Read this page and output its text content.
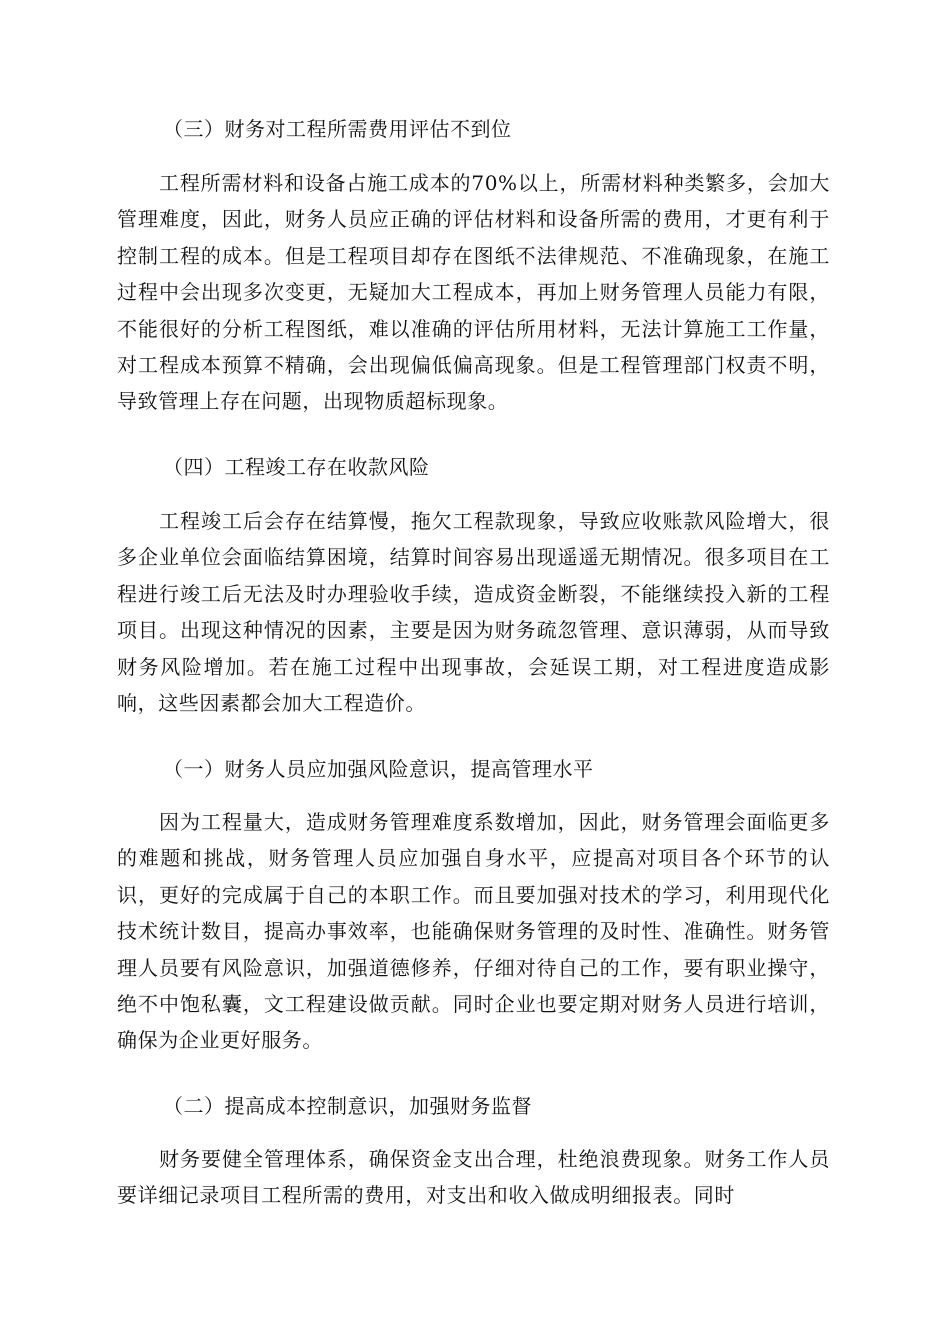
（三）财务对工程所需费用评估不到位
工程所需材料和设备占施工成本的70%以上，所需材料种类繁多，会加大管理难度，因此，财务人员应正确的评估材料和设备所需的费用，才更有利于控制工程的成本。但是工程项目却存在图纸不法律规范、不准确现象，在施工过程中会出现多次变更，无疑加大工程成本，再加上财务管理人员能力有限，不能很好的分析工程图纸，难以准确的评估所用材料，无法计算施工工作量，对工程成本预算不精确，会出现偏低偏高现象。但是工程管理部门权责不明，导致管理上存在问题，出现物质超标现象。
（四）工程竣工存在收款风险
工程竣工后会存在结算慢，拖欠工程款现象，导致应收账款风险增大，很多企业单位会面临结算困境，结算时间容易出现遥遥无期情况。很多项目在工程进行竣工后无法及时办理验收手续，造成资金断裂，不能继续投入新的工程项目。出现这种情况的因素，主要是因为财务疏忽管理、意识薄弱，从而导致财务风险增加。若在施工过程中出现事故，会延误工期，对工程进度造成影响，这些因素都会加大工程造价。
（一）财务人员应加强风险意识，提高管理水平
因为工程量大，造成财务管理难度系数增加，因此，财务管理会面临更多的难题和挑战，财务管理人员应加强自身水平，应提高对项目各个环节的认识，更好的完成属于自己的本职工作。而且要加强对技术的学习，利用现代化技术统计数目，提高办事效率，也能确保财务管理的及时性、准确性。财务管理人员要有风险意识，加强道德修养，仔细对待自己的工作，要有职业操守，绝不中饱私囊，文工程建设做贡献。同时企业也要定期对财务人员进行培训，确保为企业更好服务。
（二）提高成本控制意识，加强财务监督
财务要健全管理体系，确保资金支出合理，杜绝浪费现象。财务工作人员要详细记录项目工程所需的费用，对支出和收入做成明细报表。同时
